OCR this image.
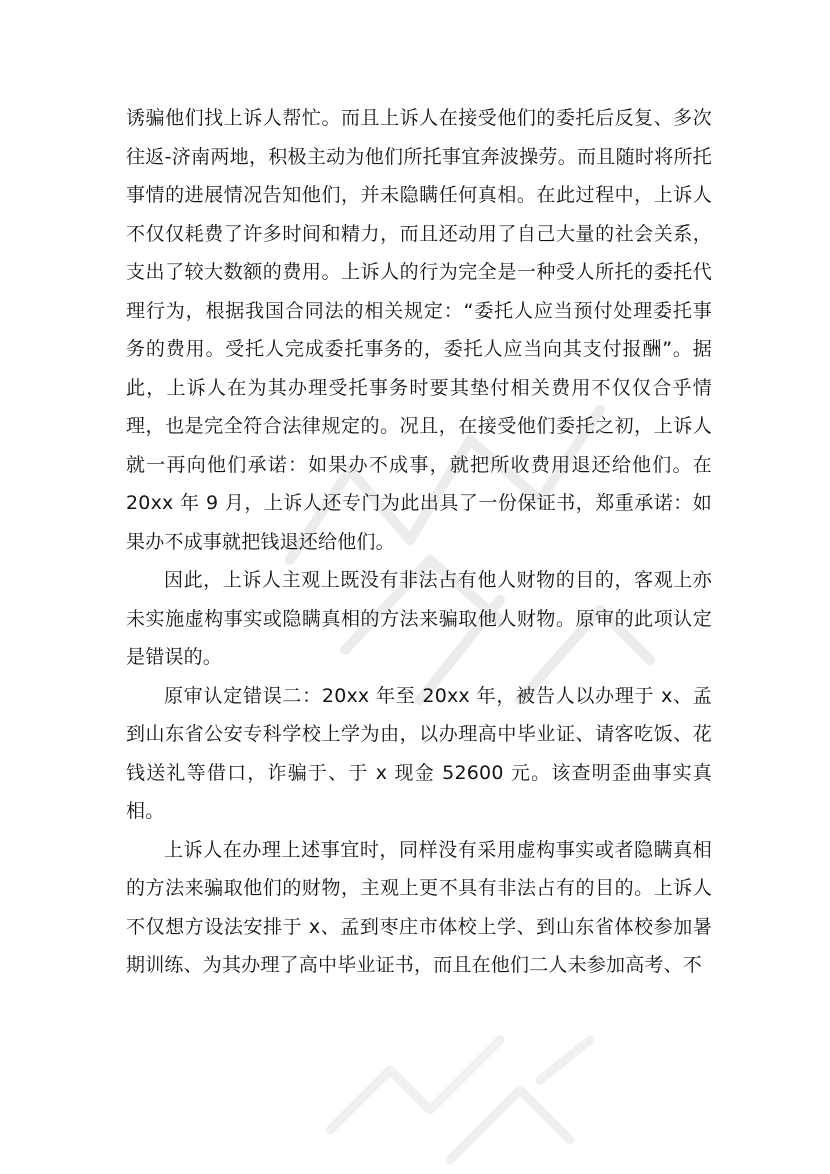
诱骗他们找上诉人帮忙。而且上诉人在接受他们的委托后反复、多次往返-济南两地，积极主动为他们所托事宜奔波操劳。而且随时将所托事情的进展情况告知他们，并未隐瞒任何真相。在此过程中，上诉人不仅仅耗费了许多时间和精力，而且还动用了自己大量的社会关系，支出了较大数额的费用。上诉人的行为完全是一种受人所托的委托代理行为，根据我国合同法的相关规定：“委托人应当预付处理委托事务的费用。受托人完成委托事务的，委托人应当向其支付报酬”。据此，上诉人在为其办理受托事务时要其垫付相关费用不仅仅合乎情理，也是完全符合法律规定的。况且，在接受他们委托之初，上诉人就一再向他们承诺：如果办不成事，就把所收费用退还给他们。在 20xx 年 9 月，上诉人还专门为此出具了一份保证书，郑重承诺：如果办不成事就把钱退还给他们。

因此，上诉人主观上既没有非法占有他人财物的目的，客观上亦未实施虚构事实或隐瞒真相的方法来骗取他人财物。原审的此项认定是错误的。

原审认定错误二：20xx 年至 20xx 年，被告人以办理于 x、孟到山东省公安专科学校上学为由，以办理高中毕业证、请客吃饭、花钱送礼等借口，诈骗于、于 x 现金 52600 元。该查明歪曲事实真相。

上诉人在办理上述事宜时，同样没有采用虚构事实或者隐瞒真相的方法来骗取他们的财物，主观上更不具有非法占有的目的。上诉人不仅想方设法安排于 x、孟到枣庄市体校上学、到山东省体校参加暑期训练、为其办理了高中毕业证书，而且在他们二人未参加高考、不
